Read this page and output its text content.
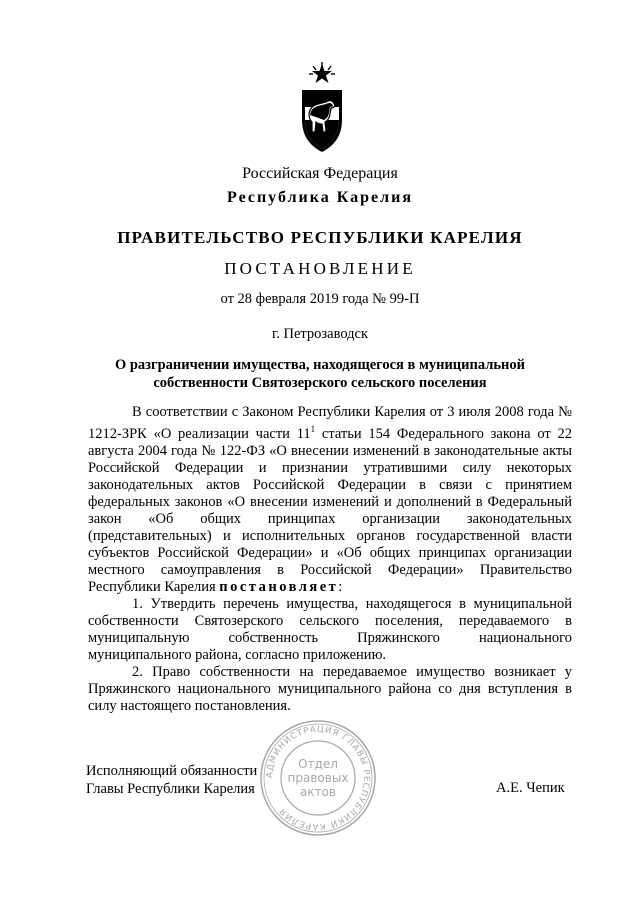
Российская Федерация
Республика Карелия
ПРАВИТЕЛЬСТВО РЕСПУБЛИКИ КАРЕЛИЯ
ПОСТАНОВЛЕНИЕ
от 28 февраля 2019 года № 99-П
г. Петрозаводск
О разграничении имущества, находящегося в муниципальной
собственности Святозерского сельского поселения

В соответствии с Законом Республики Карелия от 3 июля 2008 года № 1212-ЗРК «О реализации части $11^1$ статьи 154 Федерального закона от 22 августа 2004 года № 122-ФЗ «О внесении изменений в законодательные акты Российской Федерации и признании утратившими силу некоторых законодательных актов Российской Федерации в связи с принятием федеральных законов «О внесении изменений и дополнений в Федеральный закон «Об общих принципах организации законодательных (представительных) и исполнительных органов государственной власти субъектов Российской Федерации» и «Об общих принципах организации местного самоуправления в Российской Федерации» Правительство Республики Карелия постановляет:

1. Утвердить перечень имущества, находящегося в муниципальной собственности Святозерского сельского поселения, передаваемого в муниципальную собственность Пряжинского национального муниципального района, согласно приложению.

2. Право собственности на передаваемое имущество возникает у Пряжинского национального муниципального района со дня вступления в силу настоящего постановления.

Исполняющий обязанности
Главы Республики Карелия	А.Е. Чепик
АДМИНИСТРАЦИЯ ГЛАВЫ РЕСПУБЛИКИ КАРЕЛИЯ
Отдел
правовых
актов
